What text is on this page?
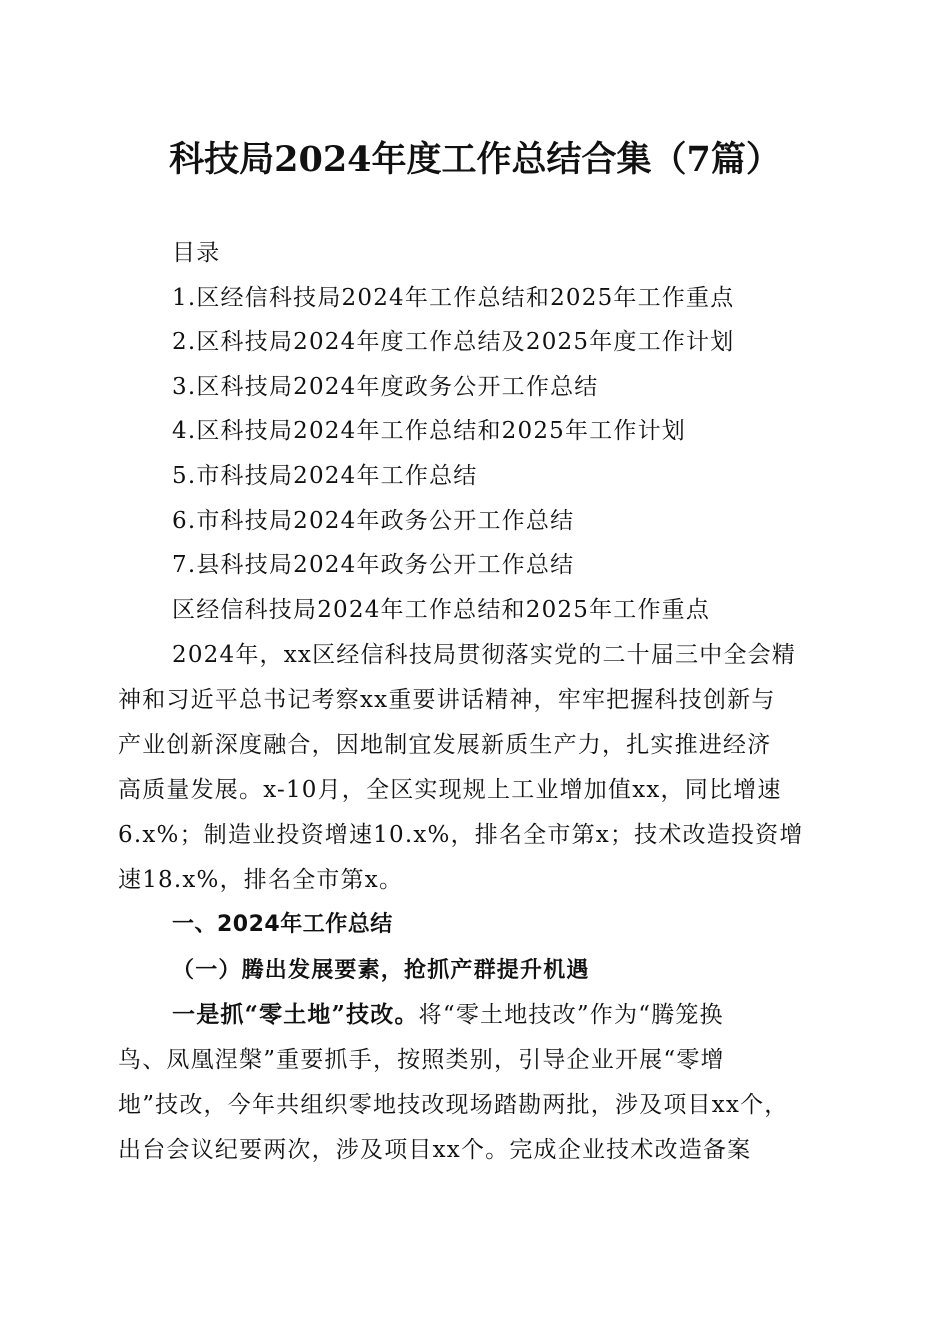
科技局2024年度工作总结合集（7篇）
目录
1.区经信科技局2024年工作总结和2025年工作重点
2.区科技局2024年度工作总结及2025年度工作计划
3.区科技局2024年度政务公开工作总结
4.区科技局2024年工作总结和2025年工作计划
5.市科技局2024年工作总结
6.市科技局2024年政务公开工作总结
7.县科技局2024年政务公开工作总结
区经信科技局2024年工作总结和2025年工作重点
2024年，xx区经信科技局贯彻落实党的二十届三中全会精
神和习近平总书记考察xx重要讲话精神，牢牢把握科技创新与
产业创新深度融合，因地制宜发展新质生产力，扎实推进经济
高质量发展。x-10月，全区实现规上工业增加值xx，同比增速
6.x%；制造业投资增速10.x%，排名全市第x；技术改造投资增
速18.x%，排名全市第x。
一、2024年工作总结
（一）腾出发展要素，抢抓产群提升机遇
一是抓“零土地”技改。将“零土地技改”作为“腾笼换
鸟、凤凰涅槃”重要抓手，按照类别，引导企业开展“零增
地”技改，今年共组织零地技改现场踏勘两批，涉及项目xx个，
出台会议纪要两次，涉及项目xx个。完成企业技术改造备案
